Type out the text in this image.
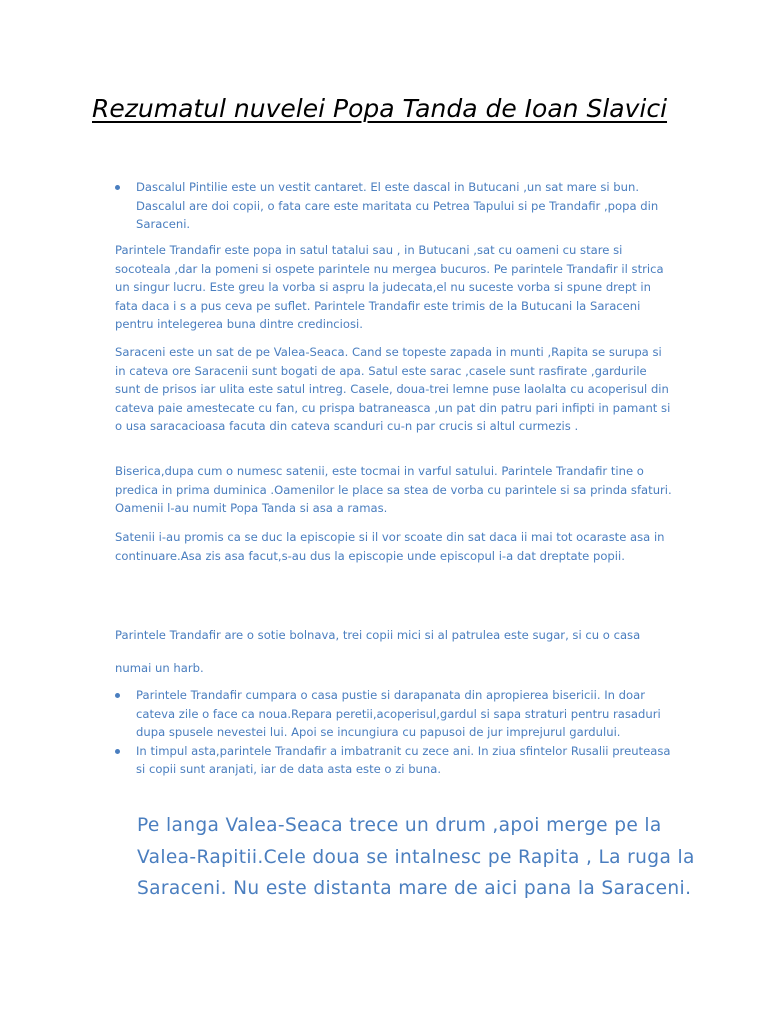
Rezumatul nuvelei Popa Tanda de Ioan Slavici
Dascalul Pintilie este un vestit cantaret. El este dascal in Butucani ,un sat mare si bun. Dascalul are doi copii, o fata care este maritata cu Petrea Tapului si pe Trandafir ,popa din Saraceni.

Parintele Trandafir este popa in satul tatalui sau , in Butucani ,sat cu oameni cu stare si socoteala ,dar la pomeni si ospete parintele nu mergea bucuros. Pe parintele Trandafir il strica un singur lucru. Este greu la vorba si aspru la judecata,el nu suceste vorba si spune drept in fata daca i s a pus ceva pe suflet. Parintele Trandafir este trimis de la Butucani la Saraceni pentru intelegerea buna dintre credinciosi.

Saraceni este un sat de pe Valea-Seaca. Cand se topeste zapada in munti ,Rapita se surupa si in cateva ore Saracenii sunt bogati de apa. Satul este sarac ,casele sunt rasfirate ,gardurile sunt de prisos iar ulita este satul intreg. Casele, doua-trei lemne puse laolalta cu acoperisul din cateva paie amestecate cu fan, cu prispa batraneasca ,un pat din patru pari infipti in pamant si o usa saracacioasa facuta din cateva scanduri cu-n par crucis si altul curmezis .

Biserica,dupa cum o numesc satenii, este tocmai in varful satului. Parintele Trandafir tine o predica in prima duminica .Oamenilor le place sa stea de vorba cu parintele si sa prinda sfaturi. Oamenii l-au numit Popa Tanda si asa a ramas.

Satenii i-au promis ca se duc la episcopie si il vor scoate din sat daca ii mai tot ocaraste asa in continuare.Asa zis asa facut,s-au dus la episcopie unde episcopul i-a dat dreptate popii.

Parintele Trandafir are o sotie bolnava, trei copii mici si al patrulea este sugar, si cu o casa numai un harb.

Parintele Trandafir cumpara o casa pustie si darapanata din apropierea bisericii. In doar cateva zile o face ca noua.Repara peretii,acoperisul,gardul si sapa straturi pentru rasaduri dupa spusele nevestei lui. Apoi se incungiura cu papusoi de jur imprejurul gardului.
In timpul asta,parintele Trandafir a imbatranit cu zece ani. In ziua sfintelor Rusalii preuteasa si copii sunt aranjati, iar de data asta este o zi buna.

Pe langa Valea-Seaca trece un drum ,apoi merge pe la Valea-Rapitii.Cele doua se intalnesc pe Rapita , La ruga la Saraceni. Nu este distanta mare de aici pana la Saraceni.
